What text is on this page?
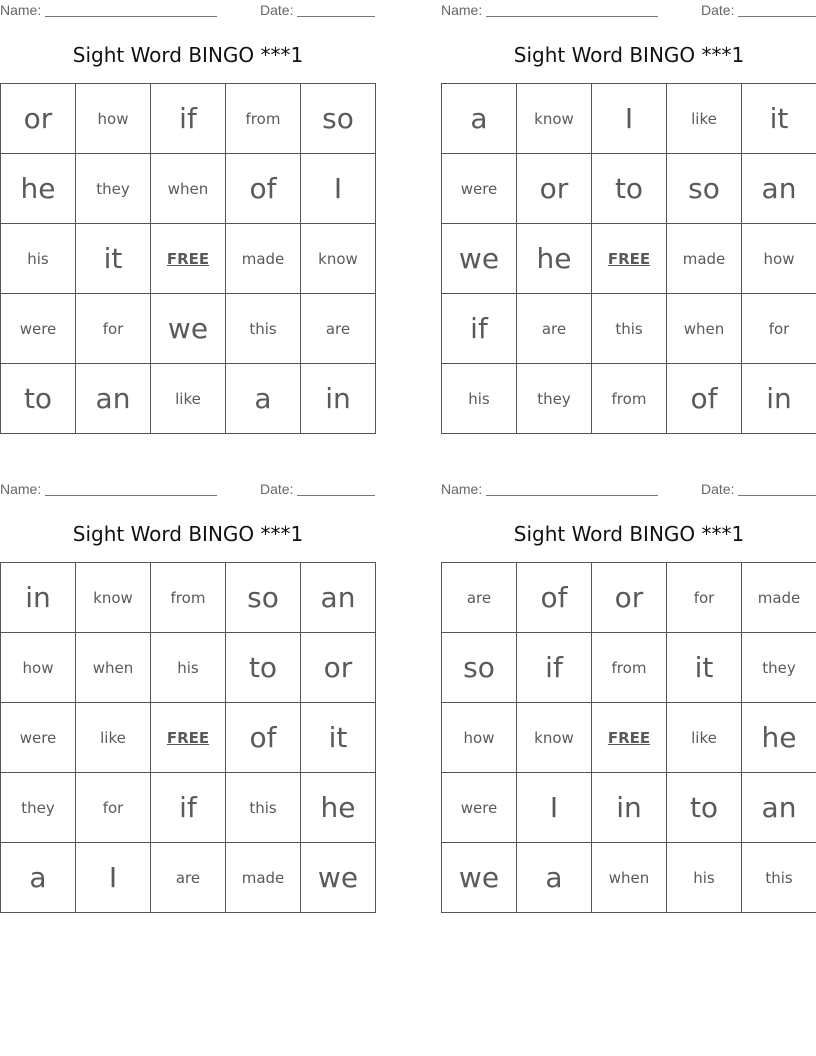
Name:	Date:
Sight Word BINGO ***1
or	how	if	from	so
he	they	when	of	I
his	it	FREE	made	know
were	for	we	this	are
to	an	like	a	in
Name:	Date:
Sight Word BINGO ***1
a	know	I	like	it
were	or	to	so	an
we	he	FREE	made	how
if	are	this	when	for
his	they	from	of	in
Name:	Date:
Sight Word BINGO ***1
in	know	from	so	an
how	when	his	to	or
were	like	FREE	of	it
they	for	if	this	he
a	I	are	made	we
Name:	Date:
Sight Word BINGO ***1
are	of	or	for	made
so	if	from	it	they
how	know	FREE	like	he
were	I	in	to	an
we	a	when	his	this
